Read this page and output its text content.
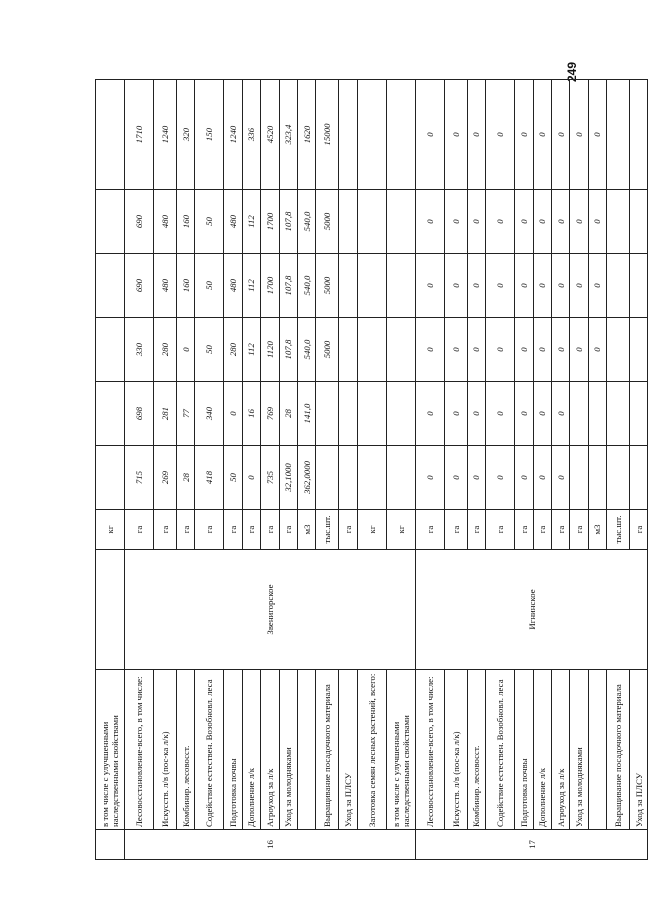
249
	в том числе с улучшенными наследственными свойствами		кг						
16	Лесовосстановление-всего, в том числе:	Звенигорское	га	715	698	330	690	690	1710
	Искусств. л/в (пос-ка л/к)		га	269	281	280	480	480	1240
	Комбинир. лесовосст.		га	28	77	0	160	160	320
	Содействие естествен. Возобновл. леса		га	418	340	50	50	50	150
	Подготовка почвы		га	50	0	280	480	480	1240
	Дополнение л/к		га	0	16	112	112	112	336
	Агроуход за л/к		га	735	769	1120	1700	1700	4520
	Уход за молодняками		га	32,1000	28	107,8	107,8	107,8	323,4
			м3	362,0000	141,0	540,0	540,0	540,0	1620
	Выращивание посадочного материала		тыс.шт.			5000	5000	5000	15000
	Уход за ПЛСУ		га						
	Заготовка семян лесных растений, всего:		кг						
	в том числе с улучшенными наследственными свойствами		кг						
17	Лесовосстановление-всего, в том числе:	Игнинское	га	0	0	0	0	0	0
	Искусств. л/в (пос-ка л/к)		га	0	0	0	0	0	0
	Комбинир. лесовосст.		га	0	0	0	0	0	0
	Содействие естествен. Возобновл. леса		га	0	0	0	0	0	0
	Подготовка почвы		га	0	0	0	0	0	0
	Дополнение л/к		га	0	0	0	0	0	0
	Агроуход за л/к		га	0	0	0	0	0	0
	Уход за молодняками		га			0	0	0	0
			м3			0	0	0	0
	Выращивание посадочного материала		тыс.шт.						
	Уход за ПЛСУ		га						
